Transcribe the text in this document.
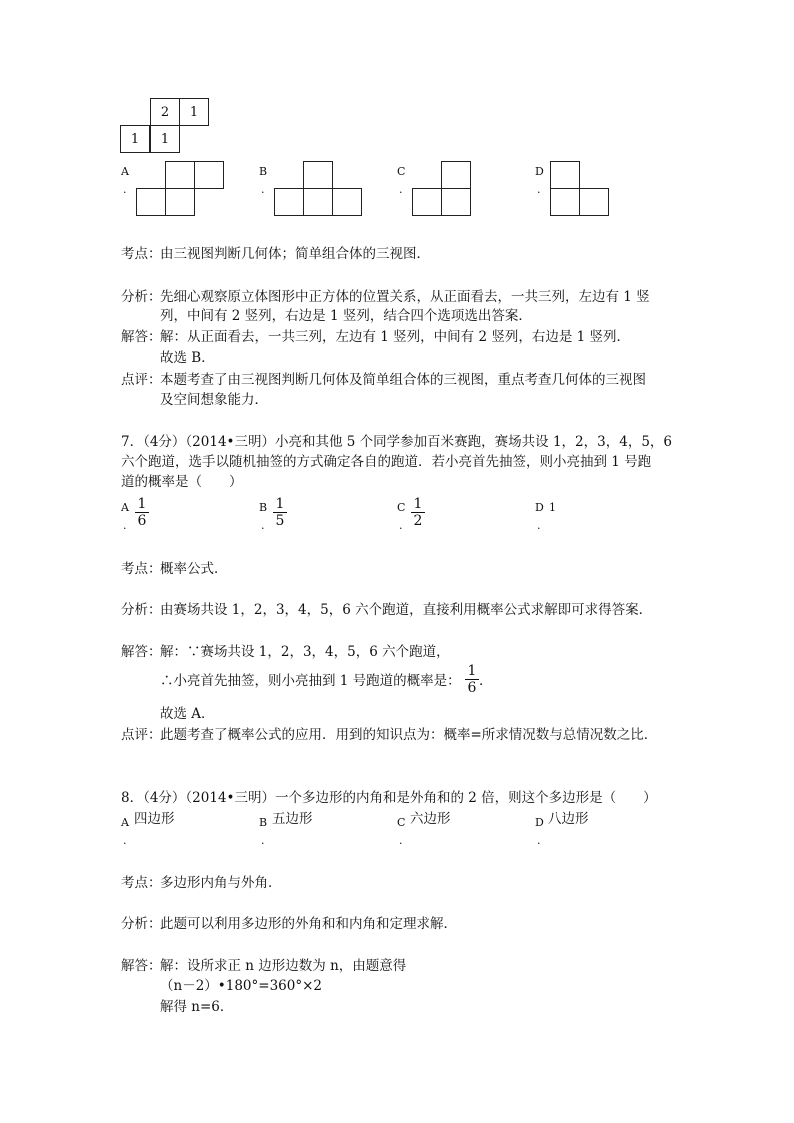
2	1
1	1
A
.
B
.
C
.
D
.
考点：
由三视图判断几何体；简单组合体的三视图．
分析：
先细心观察原立体图形中正方体的位置关系，从正面看去，一共三列，左边有 1 竖
列，中间有 2 竖列，右边是 1 竖列，结合四个选项选出答案．
解答：
解：从正面看去，一共三列，左边有 1 竖列，中间有 2 竖列，右边是 1 竖列．
故选 B．
点评：
本题考查了由三视图判断几何体及简单组合体的三视图，重点考查几何体的三视图
及空间想象能力．
7．（4分）（2014•三明）小亮和其他 5 个同学参加百米赛跑，赛场共设 1，2，3，4，5，6
六个跑道，选手以随机抽签的方式确定各自的跑道．若小亮首先抽签，则小亮抽到 1 号跑
道的概率是（　　）
A
.
1
6
B
.
1
5
C
.
1
2
D 1
.
考点：
概率公式．
分析：
由赛场共设 1，2，3，4，5，6 六个跑道，直接利用概率公式求解即可求得答案．
解答：
解：∵赛场共设 1，2，3，4，5，6 六个跑道，
∴小亮首先抽签，则小亮抽到 1 号跑道的概率是：
1
6 ．
故选 A．
点评：
此题考查了概率公式的应用．用到的知识点为：概率=所求情况数与总情况数之比．
8．（4分）（2014•三明）一个多边形的内角和是外角和的 2 倍，则这个多边形是（　　）
A 四边形
.
B 五边形
.
C 六边形
.
D 八边形
.
考点：
多边形内角与外角．
分析：
此题可以利用多边形的外角和和内角和定理求解．
解答：
解：设所求正 n 边形边数为 n，由题意得
（n－2）•180°=360°×2
解得 n=6．
